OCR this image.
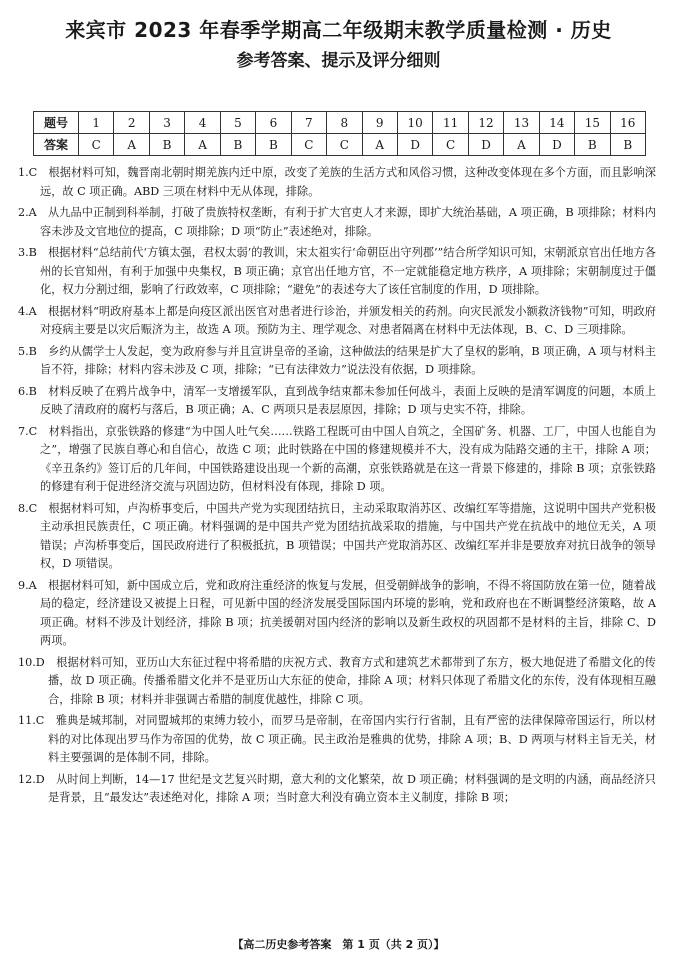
来宾市 2023 年春季学期高二年级期末教学质量检测 · 历史
参考答案、提示及评分细则
题号	1	2	3	4	5	6	7	8	9	10	11	12	13	14	15	16
答案	C	A	B	A	B	B	C	C	A	D	C	D	A	D	B	B
1.C　根据材料可知，魏晋南北朝时期羌族内迁中原，改变了羌族的生活方式和风俗习惯，这种改变体现在多个方面，而且影响深远，故 C 项正确。ABD 三项在材料中无从体现，排除。
2.A　从九品中正制到科举制，打破了贵族特权垄断，有利于扩大官吏人才来源，即扩大统治基础，A 项正确，B 项排除；材料内容未涉及文官地位的提高，C 项排除；D 项“防止”表述绝对，排除。
3.B　根据材料“总结前代‘方镇太强，君权太弱’的教训，宋太祖实行‘命朝臣出守列郡’”结合所学知识可知，宋朝派京官出任地方各州的长官知州，有利于加强中央集权，B 项正确；京官出任地方官，不一定就能稳定地方秩序，A 项排除；宋朝制度过于僵化，权力分割过细，影响了行政效率，C 项排除；“避免”的表述夸大了该任官制度的作用，D 项排除。
4.A　根据材料“明政府基本上都是向疫区派出医官对患者进行诊治，并颁发相关的药剂。向灾民派发小额救济钱物”可知，明政府对疫病主要是以灾后赈济为主，故选 A 项。预防为主、理学观念、对患者隔离在材料中无法体现，B、C、D 三项排除。
5.B　乡约从儒学士人发起，变为政府参与并且宣讲皇帝的圣谕，这种做法的结果是扩大了皇权的影响，B 项正确，A 项与材料主旨不符，排除；材料内容未涉及 C 项，排除；“已有法律效力”说法没有依据，D 项排除。
6.B　材料反映了在鸦片战争中，清军一支增援军队，直到战争结束都未参加任何战斗，表面上反映的是清军调度的问题，本质上反映了清政府的腐朽与落后，B 项正确；A、C 两项只是表层原因，排除；D 项与史实不符，排除。
7.C　材料指出，京张铁路的修建“为中国人吐气矣……铁路工程既可由中国人自筑之，全国矿务、机器、工厂，中国人也能自为之”，增强了民族自尊心和自信心，故选 C 项；此时铁路在中国的修建规模并不大，没有成为陆路交通的主干，排除 A 项；《辛丑条约》签订后的几年间，中国铁路建设出现一个新的高潮，京张铁路就是在这一背景下修建的，排除 B 项；京张铁路的修建有利于促进经济交流与巩固边防，但材料没有体现，排除 D 项。
8.C　根据材料可知，卢沟桥事变后，中国共产党为实现团结抗日，主动采取取消苏区、改编红军等措施，这说明中国共产党积极主动承担民族责任，C 项正确。材料强调的是中国共产党为团结抗战采取的措施，与中国共产党在抗战中的地位无关，A 项错误；卢沟桥事变后，国民政府进行了积极抵抗，B 项错误；中国共产党取消苏区、改编红军并非是要放弃对抗日战争的领导权，D 项错误。
9.A　根据材料可知，新中国成立后，党和政府注重经济的恢复与发展，但受朝鲜战争的影响，不得不将国防放在第一位，随着战局的稳定，经济建设又被提上日程，可见新中国的经济发展受国际国内环境的影响，党和政府也在不断调整经济策略，故 A 项正确。材料不涉及计划经济，排除 B 项；抗美援朝对国内经济的影响以及新生政权的巩固都不是材料的主旨，排除 C、D 两项。
10.D　根据材料可知，亚历山大东征过程中将希腊的庆祝方式、教育方式和建筑艺术都带到了东方，极大地促进了希腊文化的传播，故 D 项正确。传播希腊文化并不是亚历山大东征的使命，排除 A 项；材料只体现了希腊文化的东传，没有体现相互融合，排除 B 项；材料并非强调古希腊的制度优越性，排除 C 项。
11.C　雅典是城邦制，对同盟城邦的束缚力较小，而罗马是帝制，在帝国内实行行省制，且有严密的法律保障帝国运行，所以材料的对比体现出罗马作为帝国的优势，故 C 项正确。民主政治是雅典的优势，排除 A 项；B、D 两项与材料主旨无关，材料主要强调的是体制不同，排除。
12.D　从时间上判断，14—17 世纪是文艺复兴时期，意大利的文化繁荣，故 D 项正确；材料强调的是文明的内涵，商品经济只是背景，且“最发达”表述绝对化，排除 A 项；当时意大利没有确立资本主义制度，排除 B 项；
【高二历史参考答案　第 1 页（共 2 页）】
